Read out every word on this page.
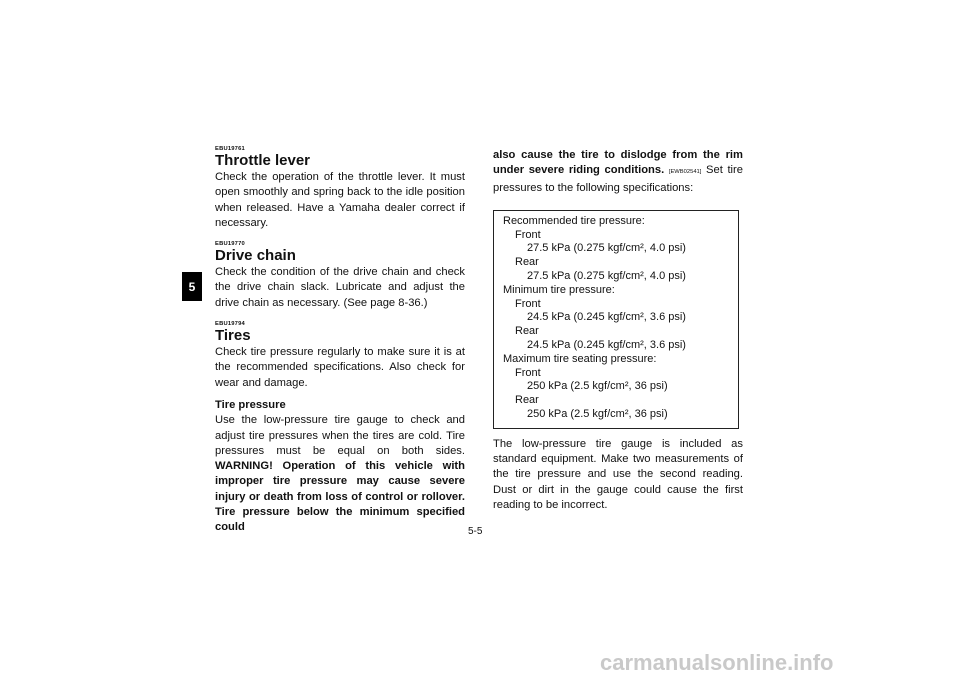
5
EBU19761
Throttle lever

Check the operation of the throttle lever. It must open smoothly and spring back to the idle position when released. Have a Yamaha dealer correct if necessary.

EBU19770
Drive chain

Check the condition of the drive chain and check the drive chain slack. Lubricate and adjust the drive chain as necessary. (See page 8-36.)

EBU19794
Tires

Check tire pressure regularly to make sure it is at the recommended specifications. Also check for wear and damage.

Tire pressure

Use the low-pressure tire gauge to check and adjust tire pressures when the tires are cold. Tire pressures must be equal on both sides. WARNING! Operation of this vehicle with improper tire pressure may cause severe injury or death from loss of control or rollover. Tire pressure below the minimum specified could

also cause the tire to dislodge from the rim under severe riding conditions. [EWB02541] Set tire pressures to the following specifications:

Recommended tire pressure:
Front
27.5 kPa (0.275 kgf/cm², 4.0 psi)
Rear
27.5 kPa (0.275 kgf/cm², 4.0 psi)
Minimum tire pressure:
Front
24.5 kPa (0.245 kgf/cm², 3.6 psi)
Rear
24.5 kPa (0.245 kgf/cm², 3.6 psi)
Maximum tire seating pressure:
Front
250 kPa (2.5 kgf/cm², 36 psi)
Rear
250 kPa (2.5 kgf/cm², 36 psi)

The low-pressure tire gauge is included as standard equipment. Make two measurements of the tire pressure and use the second reading. Dust or dirt in the gauge could cause the first reading to be incorrect.

5-5
carmanualsonline.info
